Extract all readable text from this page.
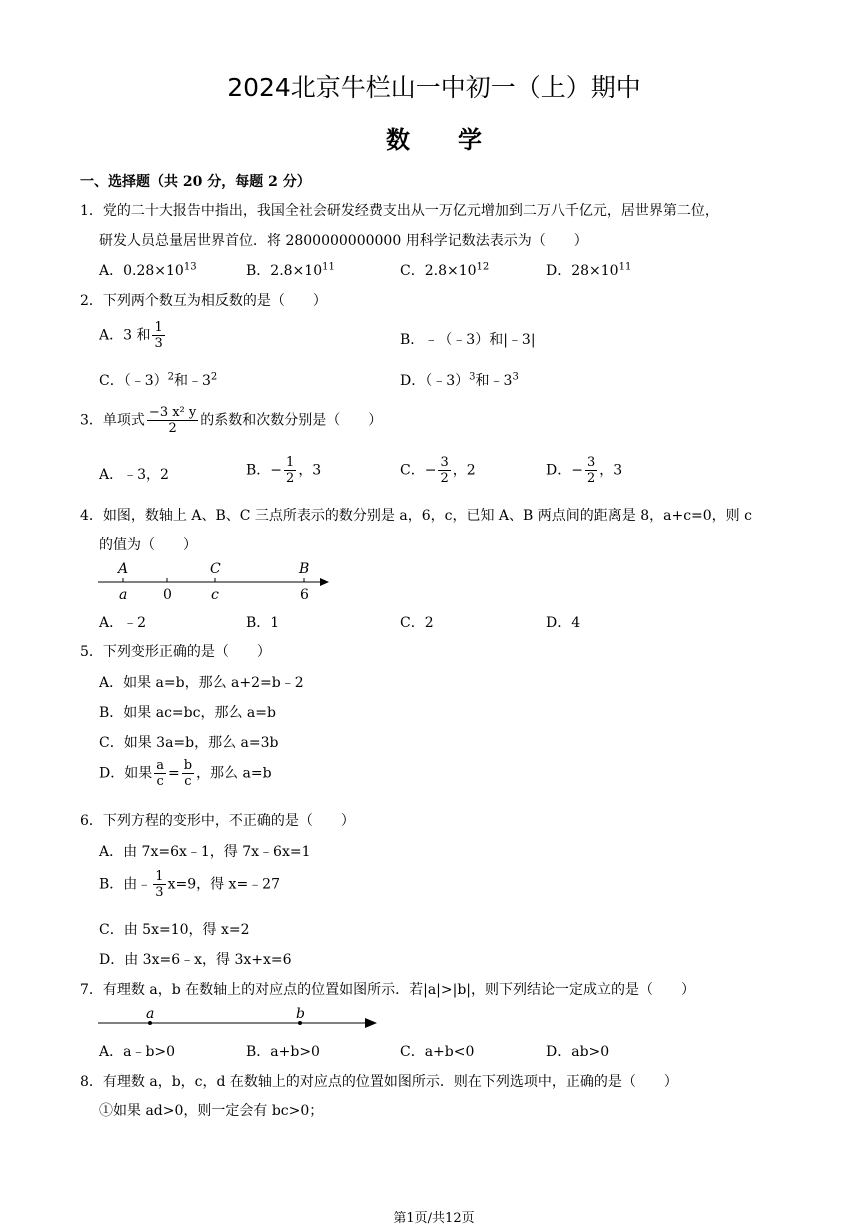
2024北京牛栏山一中初一（上）期中
数　　学
一、选择题（共 20 分，每题 2 分）
1．党的二十大报告中指出，我国全社会研发经费支出从一万亿元增加到二万八千亿元，居世界第二位，
研发人员总量居世界首位．将 2800000000000 用科学记数法表示为（　　）
A．$0.28\times 10^{13}$	B．$2.8\times 10^{11}$	C．$2.8\times 10^{12}$	D．$28\times 10^{11}$
2．下列两个数互为相反数的是（　　）
A．3 和 $\frac{1}{3}$	B．﹣（﹣3）和|﹣3|
C．（﹣3）$^2$和$﹣3^2$	D．（﹣3）$^3$和$﹣3^3$
3．单项式 $\frac{\text{−3 x² y}}{2}$ 的系数和次数分别是（　　）
A．﹣3，2	B．− $\frac{1}{2}$ ，3	C．− $\frac{3}{2}$ ，2	D．− $\frac{3}{2}$ ，3
4．如图，数轴上 A、B、C 三点所表示的数分别是 a，6，c，已知 A、B 两点间的距离是 8，a+c=0，则 c
的值为（　　）
A	C	B
a	0	c	6
A．﹣2	B．1	C．2	D．4
5．下列变形正确的是（　　）
A．如果 a=b，那么 a+2=b﹣2
B．如果 ac=bc，那么 a=b
C．如果 3a=b，那么 a=3b
D．如果 $\frac{a}{c} = \frac{b}{c}$ ，那么 a=b
6．下列方程的变形中，不正确的是（　　）
A．由 7x=6x﹣1，得 7x﹣6x=1
B．由﹣ $\frac{1}{3} x=9$，得 x=﹣27
C．由 5x=10，得 x=2
D．由 3x=6﹣x，得 3x+x=6
7．有理数 a，b 在数轴上的对应点的位置如图所示．若|a|>|b|，则下列结论一定成立的是（　　）
a	b
A．a﹣b>0	B．a+b>0	C．a+b<0	D．ab>0
8．有理数 a，b，c，d 在数轴上的对应点的位置如图所示．则在下列选项中，正确的是（　　）
①如果 ad>0，则一定会有 bc>0；
第1页/共12页
